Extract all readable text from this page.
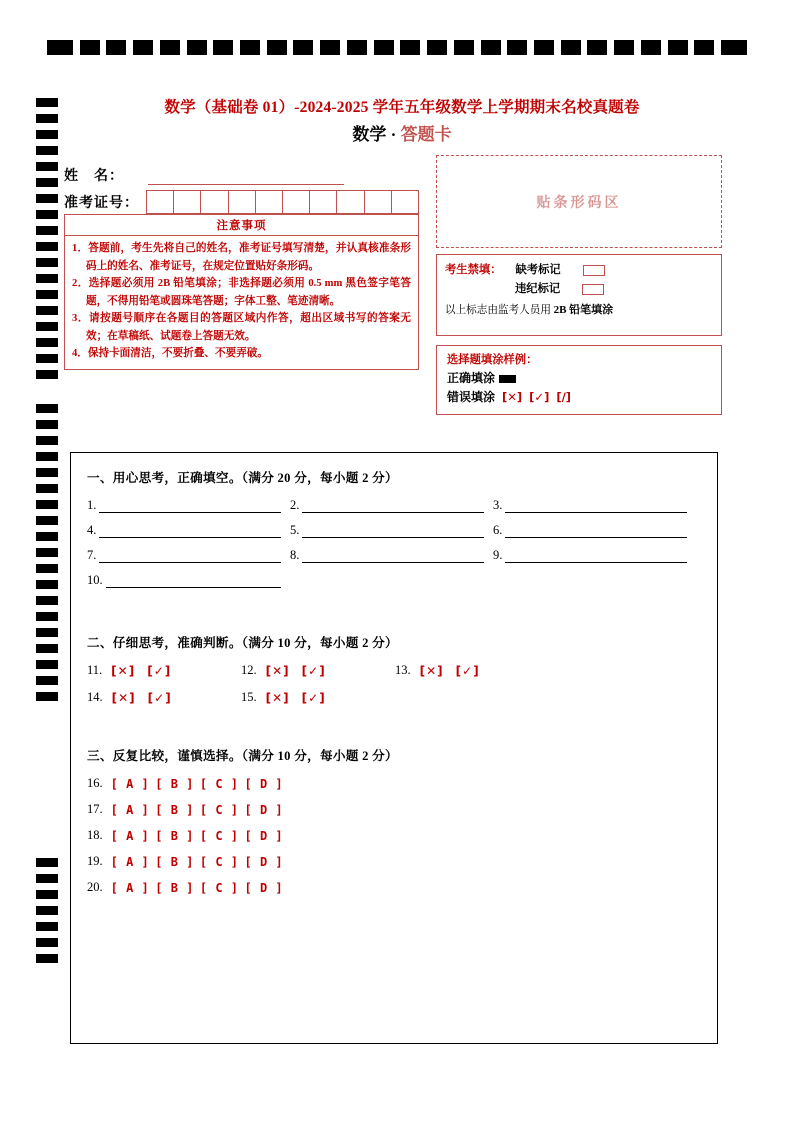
数学（基础卷 01）-2024-2025 学年五年级数学上学期期末名校真题卷
数学 · 答题卡
姓　名：
准考证号：
注意事项
1．答题前，考生先将自己的姓名，准考证号填写清楚，并认真核准条形码上的姓名、准考证号，在规定位置贴好条形码。
2．选择题必须用 2B 铅笔填涂；非选择题必须用 0.5 mm 黑色签字笔答题，不得用铅笔或圆珠笔答题；字体工整、笔迹清晰。
3．请按题号顺序在各题目的答题区域内作答，超出区域书写的答案无效；在草稿纸、试题卷上答题无效。
4．保持卡面清洁，不要折叠、不要弄破。
贴条形码区
考生禁填： 缺考标记
违纪标记
以上标志由监考人员用 2B 铅笔填涂
选择题填涂样例：
正确填涂
错误填涂 [✕] [✓] [/]
一、用心思考，正确填空。（满分 20 分，每小题 2 分）
1.	2.	3.
4.	5.	6.
7.	8.	9.
10.
二、仔细思考，准确判断。（满分 10 分，每小题 2 分）
11. [✕] [✓]	12. [✕] [✓]	13. [✕] [✓]
14. [✕] [✓]	15. [✕] [✓]
三、反复比较，谨慎选择。（满分 10 分，每小题 2 分）
16. [ A ] [ B ] [ C ] [ D ]
17. [ A ] [ B ] [ C ] [ D ]
18. [ A ] [ B ] [ C ] [ D ]
19. [ A ] [ B ] [ C ] [ D ]
20. [ A ] [ B ] [ C ] [ D ]
